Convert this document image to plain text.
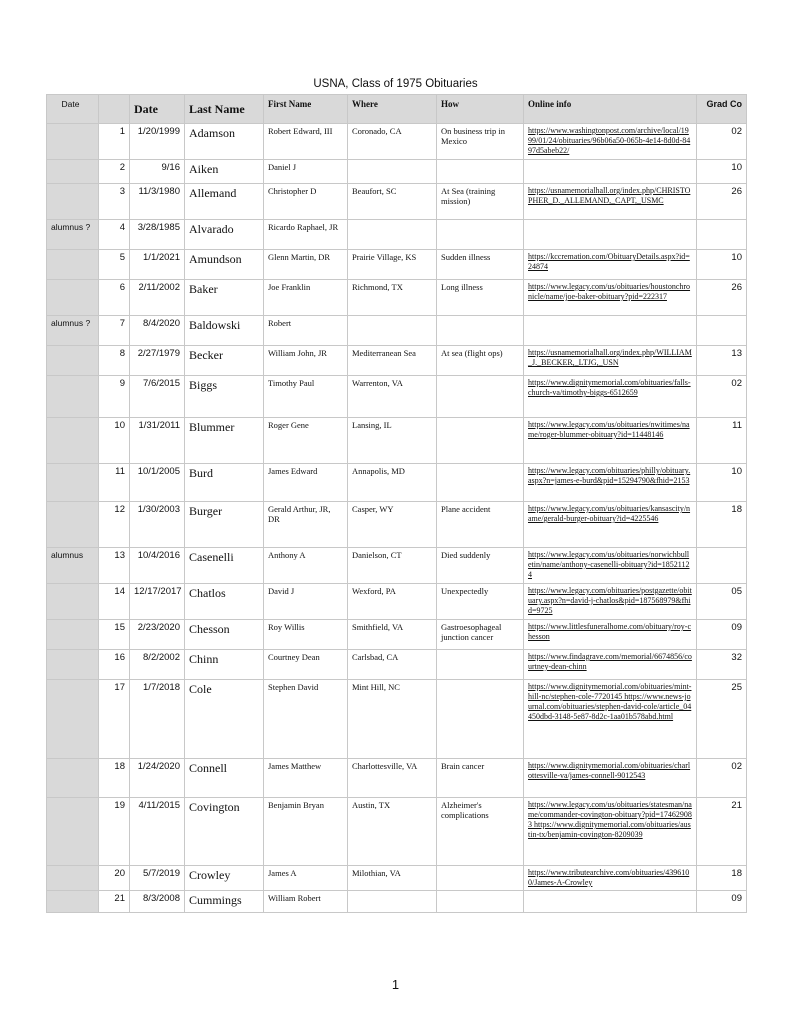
USNA, Class of 1975 Obituaries
Date		Date	Last Name	First Name	Where	How	Online info	Grad Co
	1	1/20/1999	Adamson	Robert Edward, III	Coronado, CA	On business trip in Mexico	https://www.washingtonpost.com/archive/local/1999/01/24/obituaries/96b06a50-065b-4e14-8d0d-8497d5abeb22/	02
	2	9/16	Aiken	Daniel J				10
	3	11/3/1980	Allemand	Christopher D	Beaufort, SC	At Sea (training mission)	https://usnamemorialhall.org/index.php/CHRISTOPHER_D._ALLEMAND,_CAPT,_USMC	26
alumnus ?	4	3/28/1985	Alvarado	Ricardo Raphael, JR				
	5	1/1/2021	Amundson	Glenn Martin, DR	Prairie Village, KS	Sudden illness	https://kccremation.com/ObituaryDetails.aspx?id=24874	10
	6	2/11/2002	Baker	Joe Franklin	Richmond, TX	Long illness	https://www.legacy.com/us/obituaries/houstonchronicle/name/joe-baker-obituary?pid=222317	26
alumnus ?	7	8/4/2020	Baldowski	Robert				
	8	2/27/1979	Becker	William John, JR	Mediterranean Sea	At sea (flight ops)	https://usnamemorialhall.org/index.php/WILLIAM_J._BECKER,_LTJG,_USN	13
	9	7/6/2015	Biggs	Timothy Paul	Warrenton, VA		https://www.dignitymemorial.com/obituaries/falls-church-va/timothy-biggs-6512659	02
	10	1/31/2011	Blummer	Roger Gene	Lansing, IL		https://www.legacy.com/us/obituaries/nwitimes/name/roger-blummer-obituary?id=11448146	11
	11	10/1/2005	Burd	James Edward	Annapolis, MD		https://www.legacy.com/obituaries/philly/obituary.aspx?n=james-e-burd&pid=15294790&fhid=2153	10
	12	1/30/2003	Burger	Gerald Arthur, JR, DR	Casper, WY	Plane accident	https://www.legacy.com/us/obituaries/kansascity/name/gerald-burger-obituary?id=4225546	18
alumnus	13	10/4/2016	Casenelli	Anthony A	Danielson, CT	Died suddenly	https://www.legacy.com/us/obituaries/norwichbulletin/name/anthony-casenelli-obituary?id=18521124	
	14	12/17/2017	Chatlos	David J	Wexford, PA	Unexpectedly	https://www.legacy.com/obituaries/postgazette/obituary.aspx?n=david-j-chatlos&pid=187568979&fhid=9725	05
	15	2/23/2020	Chesson	Roy Willis	Smithfield, VA	Gastroesophageal junction cancer	https://www.littlesfuneralhome.com/obituary/roy-chesson	09
	16	8/2/2002	Chinn	Courtney Dean	Carlsbad, CA		https://www.findagrave.com/memorial/6674856/courtney-dean-chinn	32
	17	1/7/2018	Cole	Stephen David	Mint Hill, NC		https://www.dignitymemorial.com/obituaries/mint-hill-nc/stephen-cole-7720145 https://www.news-journal.com/obituaries/stephen-david-cole/article_04450dbd-3148-5e87-8d2c-1aa01b578abd.html	25
	18	1/24/2020	Connell	James Matthew	Charlottesville, VA	Brain cancer	https://www.dignitymemorial.com/obituaries/charlottesville-va/james-connell-9012543	02
	19	4/11/2015	Covington	Benjamin Bryan	Austin, TX	Alzheimer's complications	https://www.legacy.com/us/obituaries/statesman/name/commander-covington-obituary?pid=174629083 https://www.dignitymemorial.com/obituaries/austin-tx/benjamin-covington-8209039	21
	20	5/7/2019	Crowley	James A	Milothian, VA		https://www.tributearchive.com/obituaries/4396100/James-A-Crowley	18
	21	8/3/2008	Cummings	William Robert				09
1
